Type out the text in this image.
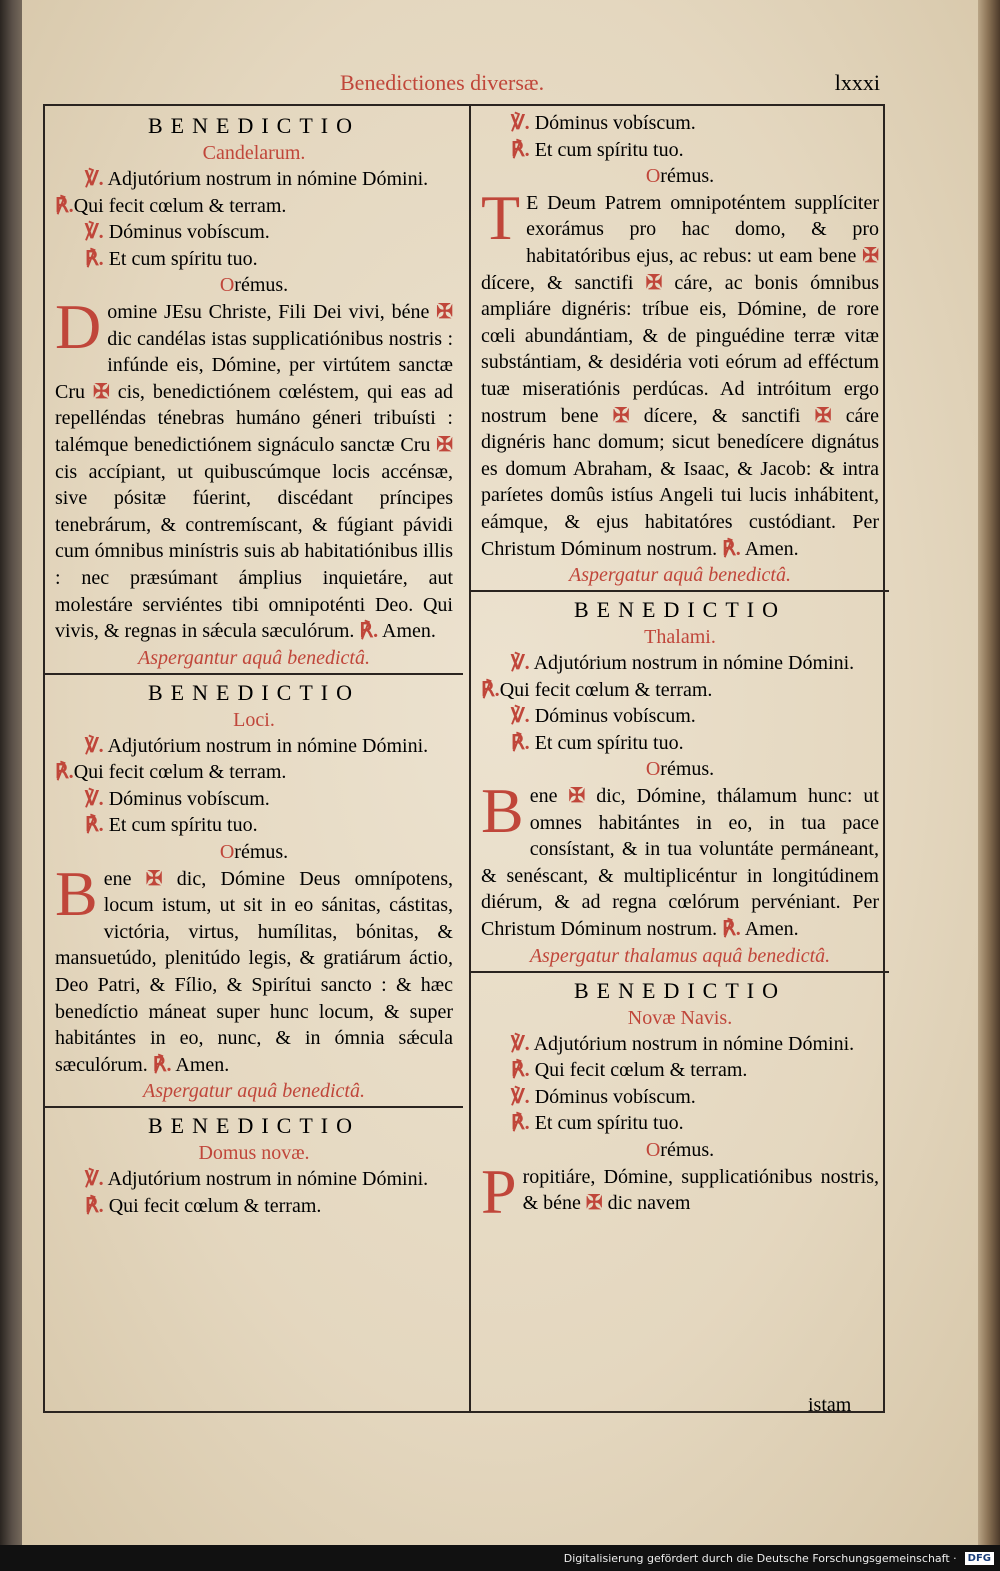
Benedictiones diversæ.	lxxxi
BENEDICTIO
Candelarum.
℣. Adjutórium nostrum in nómine Dómini. ℟.Qui fecit cœlum & terram.
℣. Dóminus vobíscum.
℟. Et cum spíritu tuo.
Orémus.
Domine JEsu Christe, Fili Dei vivi, béne ✠ dic candélas istas supplicatiónibus nostris : infúnde eis, Dómine, per virtútem sanctæ Cru ✠ cis, benedictiónem cœléstem, qui eas ad repelléndas ténebras humáno géneri tribuísti : talémque benedictiónem signáculo sanctæ Cru ✠ cis accípiant, ut quibuscúmque locis accénsæ, sive pósitæ fúerint, discédant príncipes tenebrárum, & contremíscant, & fúgiant pávidi cum ómnibus minístris suis ab habitatiónibus illis : nec præsúmant ámplius inquietáre, aut molestáre serviéntes tibi omnipoténti Deo. Qui vivis, & regnas in sǽcula sæculórum. ℟. Amen.
Aspergantur aquâ benedictâ.
BENEDICTIO
Loci.
℣. Adjutórium nostrum in nómine Dómini. ℟.Qui fecit cœlum & terram.
℣. Dóminus vobíscum.
℟. Et cum spíritu tuo.
Orémus.
Bene ✠ dic, Dómine Deus omnípotens, locum istum, ut sit in eo sánitas, cástitas, victória, virtus, humílitas, bónitas, & mansuetúdo, plenitúdo legis, & gratiárum áctio, Deo Patri, & Fílio, & Spirítui sancto : & hæc benedíctio máneat super hunc locum, & super habitántes in eo, nunc, & in ómnia sǽcula sæculórum. ℟. Amen.
Aspergatur aquâ benedictâ.
BENEDICTIO
Domus novæ.
℣. Adjutórium nostrum in nómine Dómini.
℟. Qui fecit cœlum & terram.
℣. Dóminus vobíscum.
℟. Et cum spíritu tuo.
Orémus.
T E Deum Patrem omnipoténtem supplíciter exorámus pro hac domo, & pro habitatóribus ejus, ac rebus: ut eam bene ✠ dícere, & sanctifi ✠ cáre, ac bonis ómnibus ampliáre dignéris: tríbue eis, Dómine, de rore cœli abundántiam, & de pinguédine terræ vitæ substántiam, & desidéria voti eórum ad efféctum tuæ miseratiónis perdúcas. Ad intróitum ergo nostrum bene ✠ dícere, & sanctifi ✠ cáre dignéris hanc domum; sicut benedícere dignátus es domum Abraham, & Isaac, & Jacob: & intra paríetes domûs istíus Angeli tui lucis inhábitent, eámque, & ejus habitatóres custódiant. Per Christum Dóminum nostrum. ℟. Amen.
Aspergatur aquâ benedictâ.
BENEDICTIO
Thalami.
℣. Adjutórium nostrum in nómine Dómini. ℟.Qui fecit cœlum & terram.
℣. Dóminus vobíscum.
℟. Et cum spíritu tuo.
Orémus.
Bene ✠ dic, Dómine, thálamum hunc: ut omnes habitántes in eo, in tua pace consístant, & in tua voluntáte permáneant, & senéscant, & multiplicéntur in longitúdinem diérum, & ad regna cœlórum pervéniant. Per Christum Dóminum nostrum. ℟. Amen.
Aspergatur thalamus aquâ benedictâ.
BENEDICTIO
Novæ Navis.
℣. Adjutórium nostrum in nómine Dómini.
℟. Qui fecit cœlum & terram.
℣. Dóminus vobíscum.
℟. Et cum spíritu tuo.
Orémus.
Propitiáre, Dómine, supplicatiónibus nostris, & béne ✠ dic navem
istam
Digitalisierung gefördert durch die Deutsche Forschungsgemeinschaft ·	DFG
